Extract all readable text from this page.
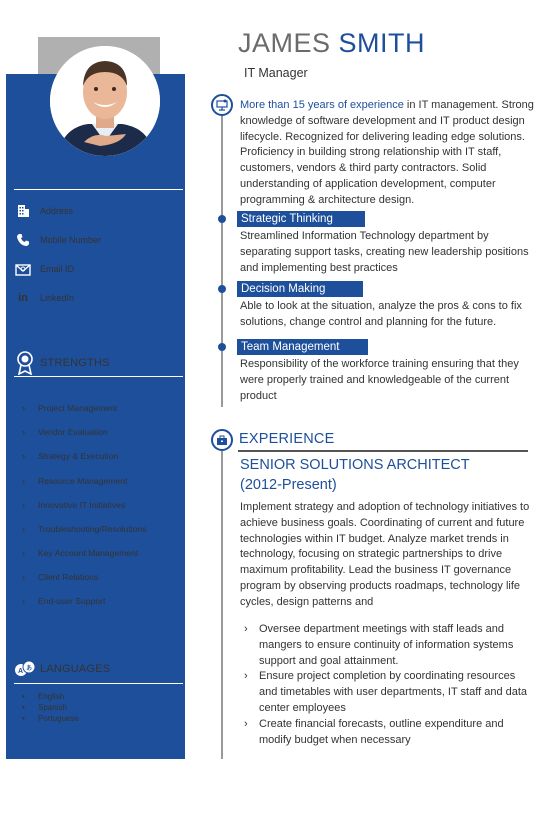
Address
Mobile Number
Email ID
in	LinkedIn
STRENGTHS
›	Project Management
›	Vendor Evaluation
›	Strategy & Execution
›	Resource Management
›	Innovative IT Initiatives
›	Troubleshooting/Resolutions
›	Key Account Management
›	Client Relations
›	End-user Support
A あ LANGUAGES
•	English
•	Spanish
•	Portuguese
JAMES SMITH
IT Manager
More than 15 years of experience in IT management. Strong knowledge of software development and IT product design lifecycle. Recognized for delivering leading edge solutions. Proficiency in building strong relationship with IT staff, customers, vendors & third party contractors. Solid understanding of application development, computer programming & architecture design.
Strategic Thinking
Streamlined Information Technology department by separating support tasks, creating new leadership positions and implementing best practices
Decision Making
Able to look at the situation, analyze the pros & cons to fix solutions, change control and planning for the future.
Team Management
Responsibility of the workforce training ensuring that they were properly trained and knowledgeable of the current product
EXPERIENCE
SENIOR SOLUTIONS ARCHITECT
(2012-Present)
Implement strategy and adoption of technology initiatives to achieve business goals. Coordinating of current and future technologies within IT budget. Analyze market trends in technology, focusing on strategic partnerships to drive maximum profitability. Lead the business IT governance program by observing products roadmaps, technology life cycles, design patterns and
›	Oversee department meetings with staff leads and mangers to ensure continuity of information systems support and goal attainment.
›	Ensure project completion by coordinating resources and timetables with user departments, IT staff and data center employees
›	Create financial forecasts, outline expenditure and modify budget when necessary
